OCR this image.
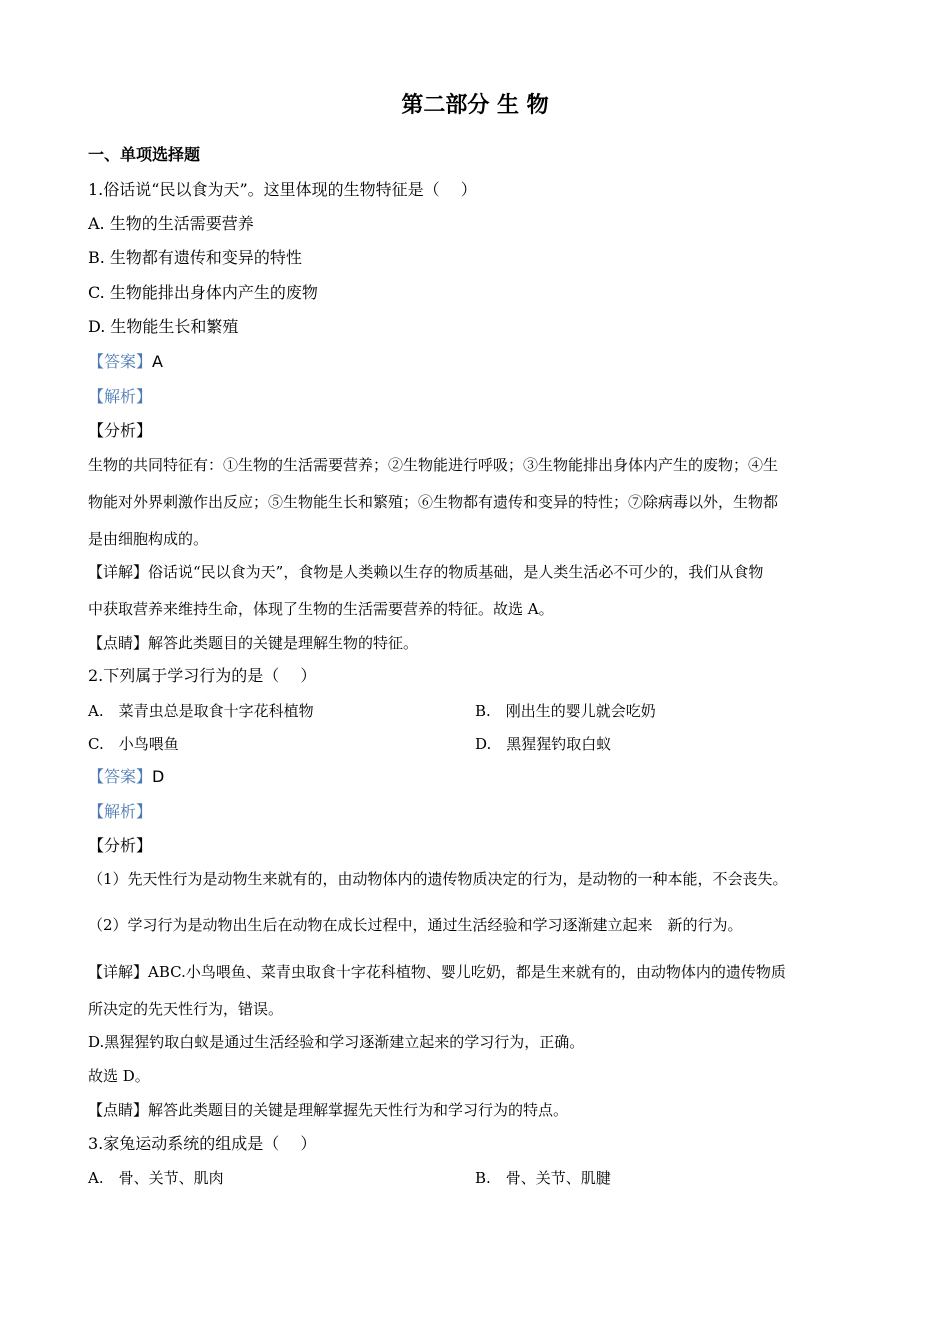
第二部分 生 物
一、单项选择题
1.俗话说“民以食为天”。这里体现的生物特征是（　 ）
A. 生物的生活需要营养
B. 生物都有遗传和变异的特性
C. 生物能排出身体内产生的废物
D. 生物能生长和繁殖
【答案】A
【解析】
【分析】
生物的共同特征有：①生物的生活需要营养；②生物能进行呼吸；③生物能排出身体内产生的废物；④生
物能对外界刺激作出反应；⑤生物能生长和繁殖；⑥生物都有遗传和变异的特性；⑦除病毒以外，生物都
是由细胞构成的。
【详解】俗话说“民以食为天”，食物是人类赖以生存的物质基础，是人类生活必不可少的，我们从食物
中获取营养来维持生命，体现了生物的生活需要营养的特征。故选 A。
【点睛】解答此类题目的关键是理解生物的特征。
2.下列属于学习行为的是（　 ）
A.　菜青虫总是取食十字花科植物	B.　刚出生的婴儿就会吃奶
C.　小鸟喂鱼	D.　黑猩猩钓取白蚁
【答案】D
【解析】
【分析】
（1）先天性行为是动物生来就有的，由动物体内的遗传物质决定的行为，是动物的一种本能，不会丧失。
（2）学习行为是动物出生后在动物在成长过程中，通过生活经验和学习逐渐建立起来　新的行为。
【详解】ABC.小鸟喂鱼、菜青虫取食十字花科植物、婴儿吃奶，都是生来就有的，由动物体内的遗传物质
所决定的先天性行为，错误。
D.黑猩猩钓取白蚁是通过生活经验和学习逐渐建立起来的学习行为，正确。
故选 D。
【点睛】解答此类题目的关键是理解掌握先天性行为和学习行为的特点。
3.家兔运动系统的组成是（　 ）
A.　骨、关节、肌肉	B.　骨、关节、肌腱
